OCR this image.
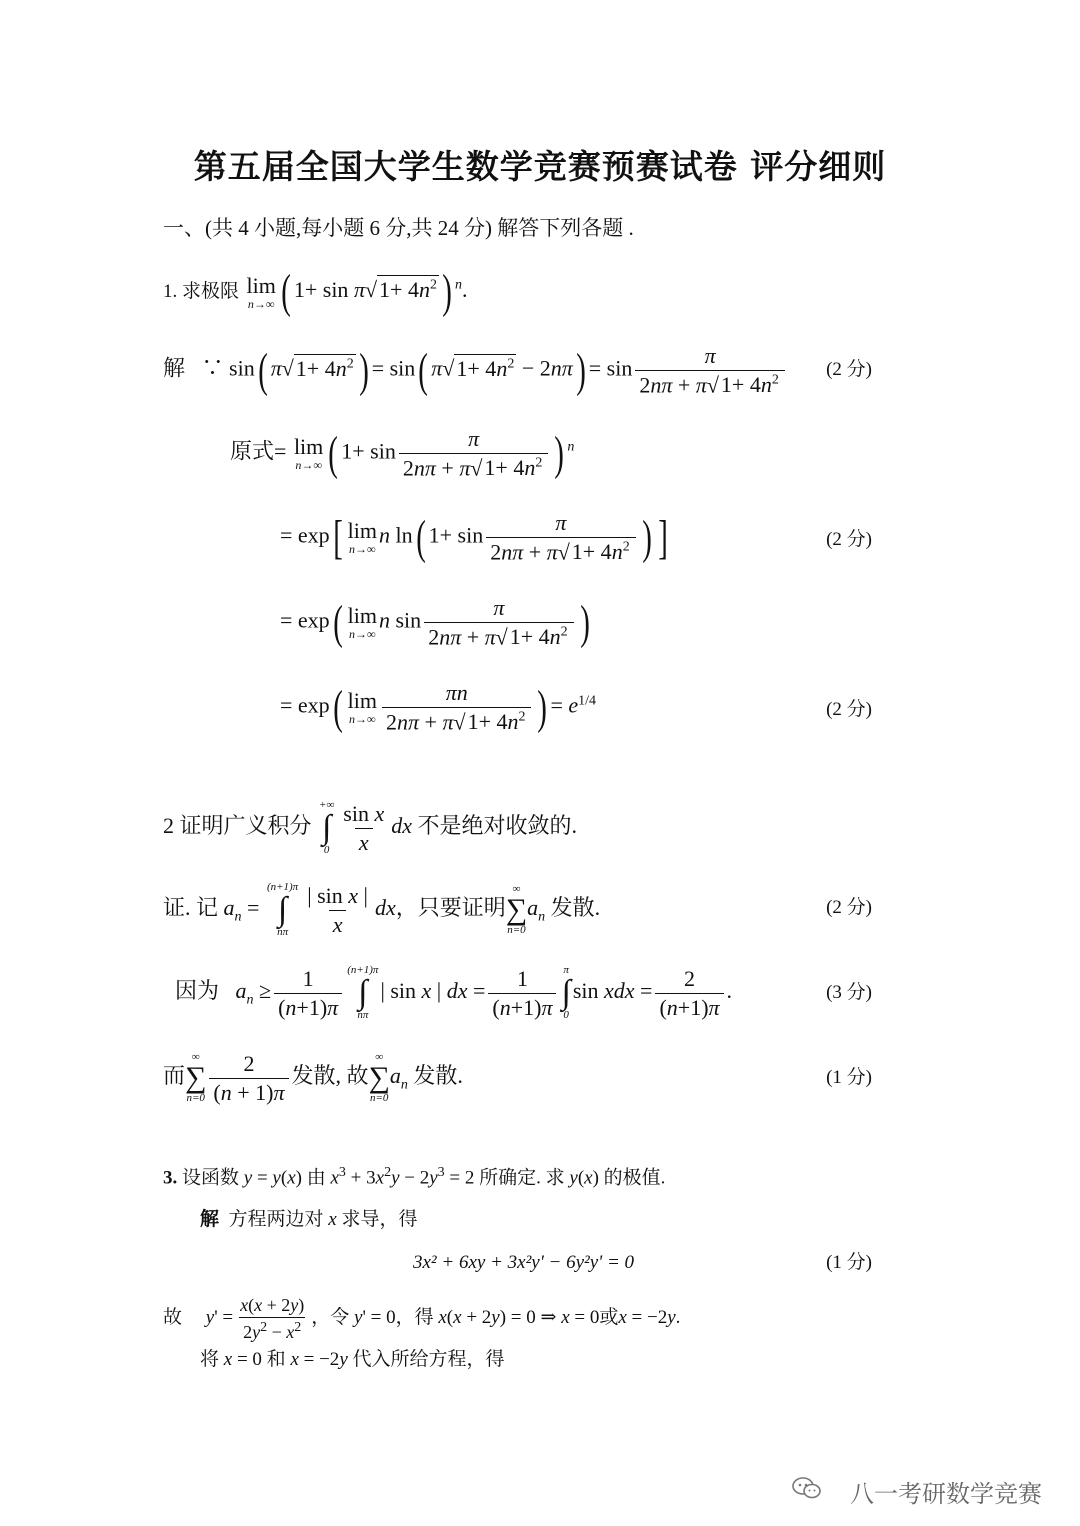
第五届全国大学生数学竞赛预赛试卷 评分细则
一、(共 4 小题,每小题 6 分,共 24 分) 解答下列各题 .
1. 求极限 lim
n→∞ ( $1+ \sin \pi√1+ 4n^2$ ) $^n$.
解   ∵ sin( $\pi√1+ 4n^2$ ) = sin( $\pi√1+ 4n^2 - 2n\pi) = \sin \frac{\pi}{2n\pi + \pi√1+ 4n^2} (2$ 分)
原式= lim
n→∞ ( $1+ \sin \frac{\pi}{2n\pi + \pi√1+ 4n^2}$ ) $^n$
= exp[ lim
n→∞
n ln( $1+ \sin \frac{\pi}{2n\pi + \pi√1+ 4n^2}$ ) ]	(2 分)
= exp( lim
n→∞
n $\sin \frac{\pi}{2n\pi + \pi√1+ 4n^2}$ )
= exp( lim
$n\to\infty \frac{\pi n}{2n\pi + \pi√1+ 4n^2}$ ) = $e^{1/4}$	(2 分)
2 证明广义积分
+∞
∫
$0 \frac{\text{sin x}}{x}$ dx 不是绝对收敛的.
证. 记 $a_n$ =
(n+1)π
∫
nπ $\frac{\text{| sin x |}}{x}$ dx，只要证明
∞
∑
n=0
$a_n$ 发散.	(2 分)
因为 $a_n \ge \frac{1}{(n+1)\pi} (n+1)\pi$
∫
nπ
| sin x | dx = $\frac{1}{(n+1)\pi}$ π
∫
0
sin xdx = $\frac{2}{(n+1)\pi}$ .	(3 分)
而
∞
∑
$n=0 \frac{2}{(n + 1)\pi}$ 发散, 故
∞
∑
n=0
$a_n$ 发散.	(1 分)
3. 设函数 y = y(x) 由 $x^3 + 3x^2y - 2y^3 = 2$ 所确定. 求 y(x) 的极值.
解 方程两边对 x 求导，得
3x² + 6xy + 3x²y' − 6y²y' = 0	(1 分)
故 $y' = \frac{x(x + 2y)}{2y^2 - x^2}$ ，令 y' = 0，得 x(x + 2y) = 0 ⇒ x = 0或x = −2y.
将 x = 0 和 x = −2y 代入所给方程，得
八一考研数学竞赛
